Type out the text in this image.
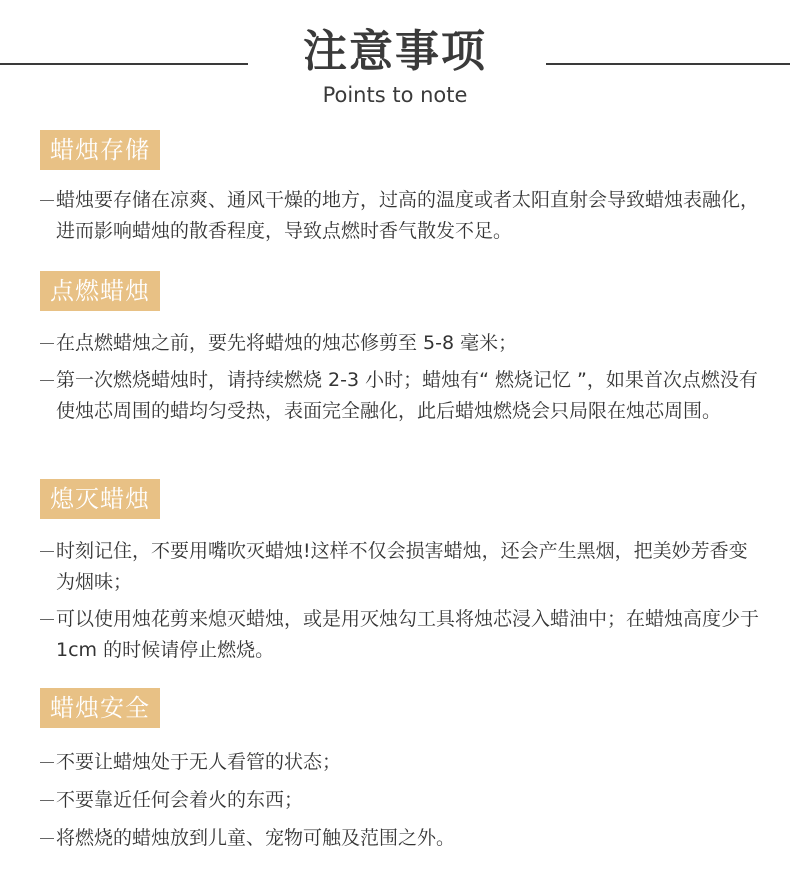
注意事项
Points to note
蜡烛存储
蜡烛要存储在凉爽、通风干燥的地方，过高的温度或者太阳直射会导致蜡烛表融化，进而影响蜡烛的散香程度，导致点燃时香气散发不足。
点燃蜡烛
在点燃蜡烛之前，要先将蜡烛的烛芯修剪至 5-8 毫米；
第一次燃烧蜡烛时，请持续燃烧 2-3 小时；蜡烛有“ 燃烧记忆 ”，如果首次点燃没有使烛芯周围的蜡均匀受热，表面完全融化，此后蜡烛燃烧会只局限在烛芯周围。
熄灭蜡烛
时刻记住，不要用嘴吹灭蜡烛!这样不仅会损害蜡烛，还会产生黑烟，把美妙芳香变为烟味；
可以使用烛花剪来熄灭蜡烛，或是用灭烛勾工具将烛芯浸入蜡油中；在蜡烛高度少于 1cm 的时候请停止燃烧。
蜡烛安全
不要让蜡烛处于无人看管的状态；
不要靠近任何会着火的东西；
将燃烧的蜡烛放到儿童、宠物可触及范围之外。
